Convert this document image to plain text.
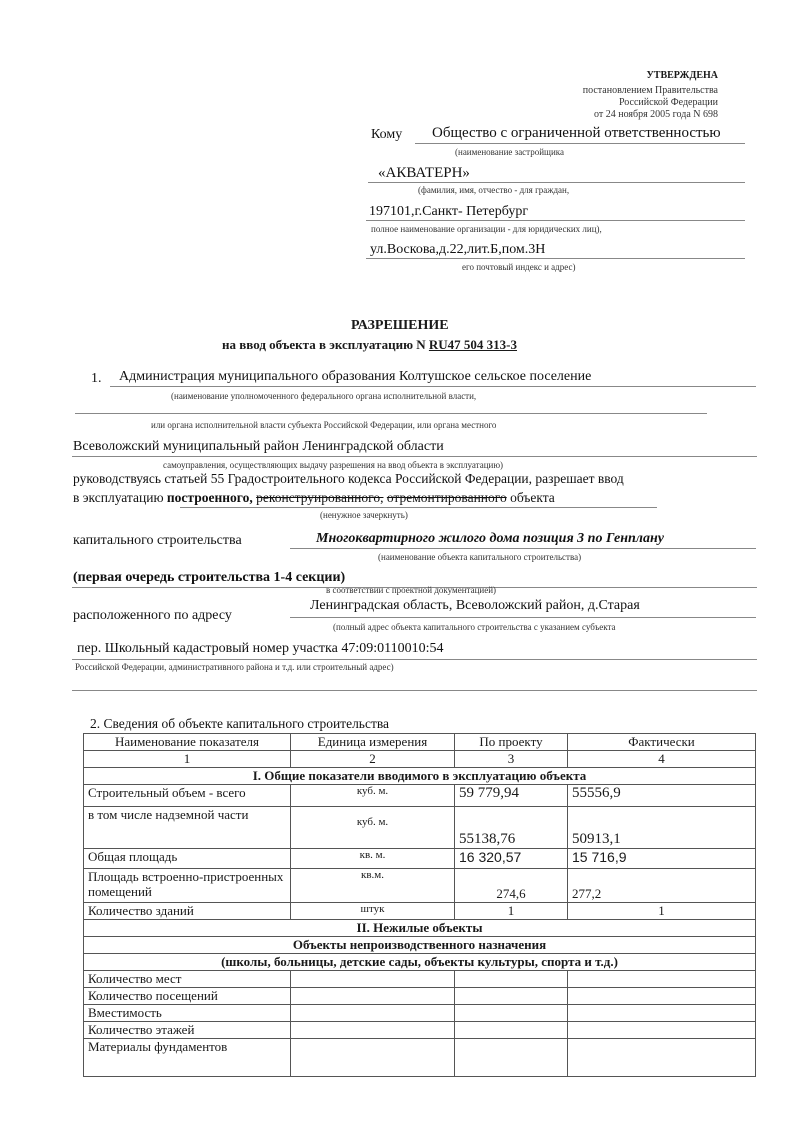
УТВЕРЖДЕНА
постановлением Правительства
Российской Федерации
от 24 ноября 2005 года N 698
Кому Общество с ограниченной ответственностью
(наименование застройщика
«АКВАТЕРН»
(фамилия, имя, отчество - для граждан,
197101,г.Санкт- Петербург
полное наименование организации - для юридических лиц),
ул.Воскова,д.22,лит.Б,пом.3Н
его почтовый индекс и адрес)
РАЗРЕШЕНИЕ
на ввод объекта в эксплуатацию N RU47 504 313-3
1. Администрация муниципального образования Колтушское сельское поселение
(наименование уполномоченного федерального органа исполнительной власти,
или органа исполнительной власти субъекта Российской Федерации, или органа местного
Всеволожский муниципальный район Ленинградской области
самоуправления, осуществляющих выдачу разрешения на ввод объекта в эксплуатацию)
руководствуясь статьей 55 Градостроительного кодекса Российской Федерации, разрешает ввод
в эксплуатацию построенного, реконструированного, отремонтированного объекта
(ненужное зачеркнуть)
капитального строительства	Многоквартирного жилого дома позиция 3 по Генплану
(наименование объекта капитального строительства)
(первая очередь строительства 1-4 секции)
в соответствии с проектной документацией)
расположенного по адресу
Ленинградская область, Всеволожский район, д.Старая
(полный адрес объекта капитального строительства с указанием субъекта
пер. Школьный кадастровый номер участка 47:09:0110010:54
Российской Федерации, административного района и т.д. или строительный адрес)
2. Сведения об объекте капитального строительства
Наименование показателя	Единица измерения	По проекту	Фактически
1	2	3	4
I. Общие показатели вводимого в эксплуатацию объекта			
Строительный объем - всего	куб. м.	59 779,94	55556,9
в том числе надземной части	куб. м.	55138,76	50913,1
Общая площадь	кв. м.	16 320,57	15 716,9
Площадь встроенно-пристроенных помещений	кв.м.	274,6	277,2
Количество зданий	штук	1	1
II. Нежилые объекты			
Объекты непроизводственного назначения			
(школы, больницы, детские сады, объекты культуры, спорта и т.д.)			
Количество мест			
Количество посещений			
Вместимость			
Количество этажей			
Материалы фундаментов			
